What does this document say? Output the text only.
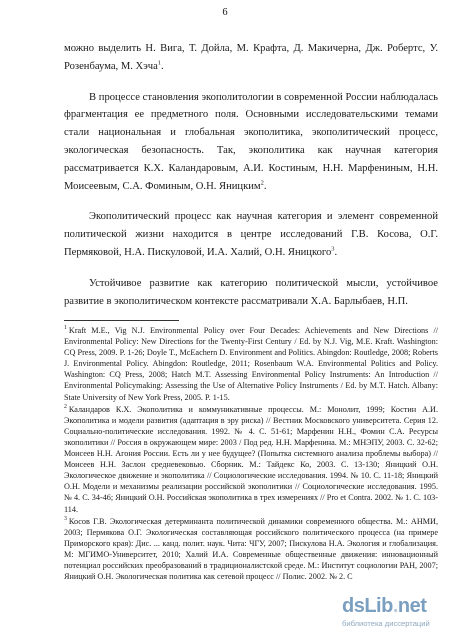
6

можно выделить Н. Вига, Т. Дойла, М. Крафта, Д. Макичерна, Дж. Робертс, У. Розенбаума, М. Хэча$^1$.

В процессе становления экополитологии в современной России наблюдалась фрагментация ее предметного поля. Основными исследовательскими темами стали национальная и глобальная экополитика, экополитический процесс, экологическая безопасность. Так, экополитика как научная категория рассматривается К.Х. Каландаровым, А.И. Костиным, Н.Н. Марфениным, Н.Н. Моисеевым, С.А. Фоминым, О.Н. Яницким$^2$.

Экополитический процесс как научная категория и элемент современной политической жизни находится в центре исследований Г.В. Косова, О.Г. Пермяковой, Н.А. Пискуловой, И.А. Халий, О.Н. Яницкого$^3$.

Устойчивое развитие как категорию политической мысли, устойчивое развитие в экополитическом контексте рассматривали Х.А. Барлыбаев, Н.П.

$^1$ Kraft M.E., Vig N.J. Environmental Policy over Four Decades: Achievements and New Directions // Environmental Policy: New Directions for the Twenty-First Century / Ed. by N.J. Vig, M.E. Kraft. Washington: CQ Press, 2009. P. 1-26; Doyle T., McEachern D. Environment and Politics. Abingdon: Routledge, 2008; Roberts J. Environmental Policy. Abingdon: Routledge, 2011; Rosenbaum W.A. Environmental Politics and Policy. Washington: CQ Press, 2008; Hatch M.T. Assessing Environmental Policy Instruments: An Introduction // Environmental Policymaking: Assessing the Use of Alternative Policy Instruments / Ed. by M.T. Hatch. Albany: State University of New York Press, 2005. P. 1-15.

$^2$ Каландаров К.Х. Экополитика и коммуникативные процессы. М.: Монолит, 1999; Костин А.И. Экополитика и модели развития (адаптация в эру риска) // Вестник Московского университета. Серия 12. Социально-политические исследования. 1992. № 4. С. 51-61; Марфенин Н.Н., Фомин С.А. Ресурсы экополитики // Россия в окружающем мире: 2003 / Под ред. Н.Н. Марфенина. М.: МНЭПУ, 2003. С. 32-62; Моисеев Н.Н. Агония России. Есть ли у нее будущее? (Попытка системного анализа проблемы выбора) // Моисеев Н.Н. Заслон средневековью. Сборник. М.: Тайдекс Ко, 2003. С. 13-130; Яницкий О.Н. Экологическое движение и экополитика // Социологические исследования. 1994. № 10. С. 11-18; Яницкий О.Н. Модели и механизмы реализации российской экополитики // Социологические исследования. 1995. № 4. С. 34-46; Яницкий О.Н. Российская экополитика в трех измерениях // Pro et Contra. 2002. № 1. С. 103-114.

$^3$ Косов Г.В. Экологическая детерминанта политической динамики современного общества. М.: АНМИ, 2003; Пермякова О.Г. Экологическая составляющая российского политического процесса (на примере Приморского края): Дис. ... канд. полит. наук. Чита: ЧГУ, 2007; Пискулова Н.А. Экология и глобализация. М: МГИМО-Университет, 2010; Халий И.А. Современные общественные движения: инновационный потенциал российских преобразований в традиционалистской среде. М.: Институт социологии РАН, 2007; Яницкий О.Н. Экологическая политика как сетевой процесс // Полис. 2002. № 2. С

dsLib.net
библиотека диссертаций
